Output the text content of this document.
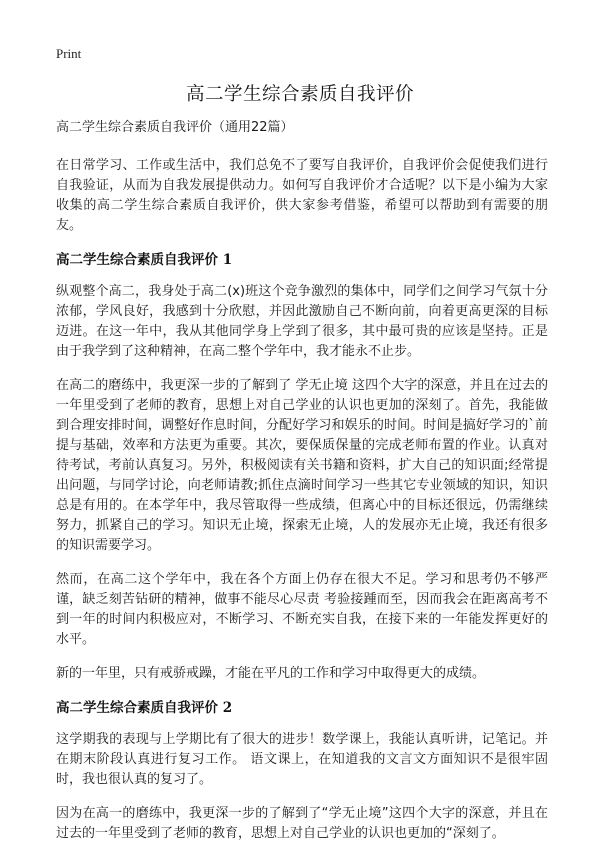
Print
高二学生综合素质自我评价

高二学生综合素质自我评价（通用22篇）

在日常学习、工作或生活中，我们总免不了要写自我评价，自我评价会促使我们进行自我验证，从而为自我发展提供动力。如何写自我评价才合适呢？以下是小编为大家收集的高二学生综合素质自我评价，供大家参考借鉴，希望可以帮助到有需要的朋友。

高二学生综合素质自我评价 1

纵观整个高二，我身处于高二(x)班这个竞争激烈的集体中，同学们之间学习气氛十分浓郁，学风良好，我感到十分欣慰，并因此激励自己不断向前，向着更高更深的目标迈进。在这一年中，我从其他同学身上学到了很多，其中最可贵的应该是坚持。正是由于我学到了这种精神，在高二整个学年中，我才能永不止步。

在高二的磨练中，我更深一步的了解到了 学无止境 这四个大字的深意，并且在过去的一年里受到了老师的教育，思想上对自己学业的认识也更加的深刻了。首先，我能做到合理安排时间，调整好作息时间，分配好学习和娱乐的时间。时间是搞好学习的`前提与基础，效率和方法更为重要。其次，要保质保量的完成老师布置的作业。认真对待考试，考前认真复习。另外，积极阅读有关书籍和资料，扩大自己的知识面;经常提出问题，与同学讨论，向老师请教;抓住点滴时间学习一些其它专业领域的知识，知识总是有用的。在本学年中，我尽管取得一些成绩，但离心中的目标还很远，仍需继续努力，抓紧自己的学习。知识无止境，探索无止境，人的发展亦无止境，我还有很多的知识需要学习。

然而，在高二这个学年中，我在各个方面上仍存在很大不足。学习和思考仍不够严谨，缺乏刻苦钻研的精神，做事不能尽心尽责 考验接踵而至，因而我会在距离高考不到一年的时间内积极应对，不断学习、不断充实自我，在接下来的一年能发挥更好的水平。

新的一年里，只有戒骄戒躁，才能在平凡的工作和学习中取得更大的成绩。

高二学生综合素质自我评价 2

这学期我的表现与上学期比有了很大的进步！数学课上，我能认真听讲，记笔记。并在期末阶段认真进行复习工作。 语文课上，在知道我的文言文方面知识不是很牢固时，我也很认真的复习了。

因为在高一的磨练中，我更深一步的了解到了“学无止境”这四个大字的深意，并且在过去的一年里受到了老师的教育，思想上对自己学业的认识也更加的“深刻了。
